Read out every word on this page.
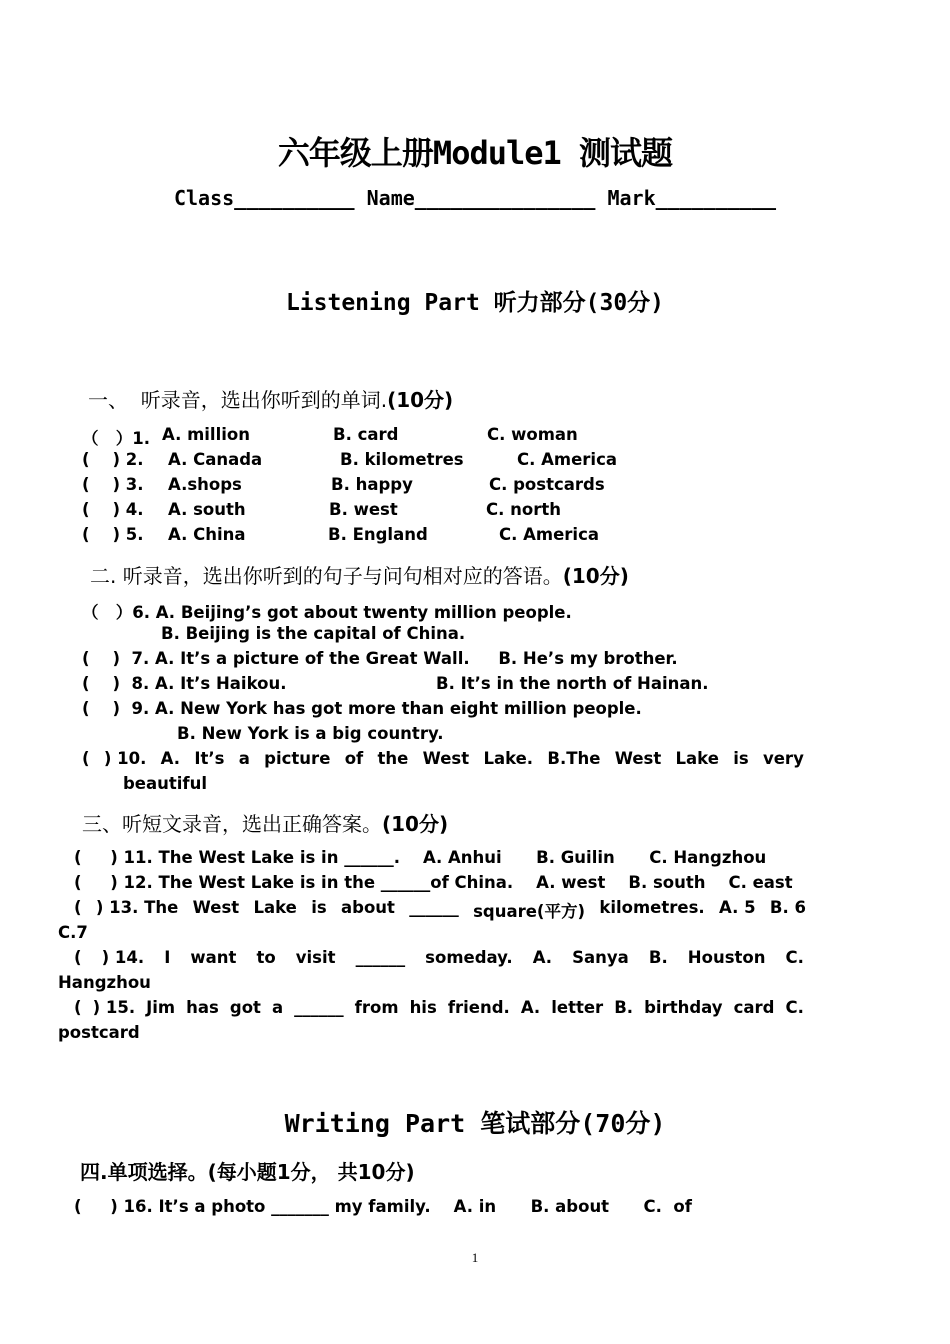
六年级上册Module1 测试题
Class__________ Name_______________ Mark__________
Listening Part 听力部分(30分)
一、  听录音，选出你听到的单词.(10分)
（   ）1. A. million	B. card	C. woman
(    ) 2. A. Canada	B. kilometres	C. America
(    ) 3. A.shops	B. happy	C. postcards
(    ) 4. A. south	B. west	C. north
(    ) 5. A. China	B. England	C. America
二. 听录音，选出你听到的句子与问句相对应的答语。(10分)
（   ）6. A. Beijing’s got about twenty million people.
B. Beijing is the capital of China.
(    )  7. A. It’s a picture of the Great Wall.     B. He’s my brother.
(    )  8. A. It’s Haikou.	B. It’s in the north of Hainan.
(    )  9. A. New York has got more than eight million people.
B. New York is a big country.
( ) 10. A. It’s a picture of the West Lake. B.The West Lake is very
beautiful
三、听短文录音，选出正确答案。(10分)
(     ) 11. The West Lake is in ______.    A. Anhui      B. Guilin      C. Hangzhou
(     ) 12. The West Lake is in the ______of China.    A. west    B. south    C. east
( ) 13. The West Lake is about ______ square(平方) kilometres. A. 5 B. 6
C.7
( ) 14. I want to visit ______ someday. A. Sanya B. Houston C.
Hangzhou
( ) 15. Jim has got a ______ from his friend. A. letter B. birthday card C.
postcard
Writing Part 笔试部分(70分)
四.单项选择。(每小题1分， 共10分)
(     ) 16. It’s a photo _______ my family.    A. in      B. about      C.  of
1
